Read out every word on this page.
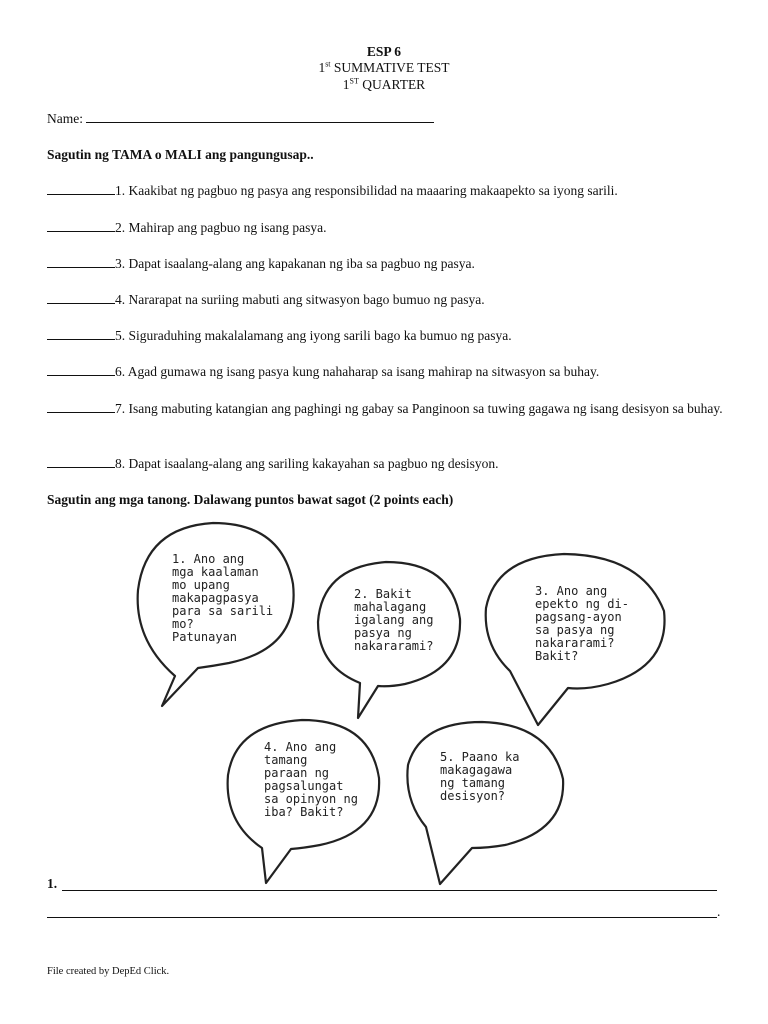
ESP 6
1st SUMMATIVE TEST
1ST QUARTER
Name:
Sagutin ng TAMA o MALI ang pangungusap..
1. Kaakibat ng pagbuo ng pasya ang responsibilidad na maaaring makaapekto sa iyong sarili.
2. Mahirap ang pagbuo ng isang pasya.
3. Dapat isaalang-alang ang kapakanan ng iba sa pagbuo ng pasya.
4. Nararapat na suriing mabuti ang sitwasyon bago bumuo ng pasya.
5. Siguraduhing makalalamang ang iyong sarili bago ka bumuo ng pasya.
6. Agad gumawa ng isang pasya kung nahaharap sa isang mahirap na sitwasyon sa buhay.
7. Isang mabuting katangian ang paghingi ng gabay sa Panginoon sa tuwing gagawa ng isang desisyon sa buhay.
8. Dapat isaalang-alang ang sariling kakayahan sa pagbuo ng desisyon.
Sagutin ang mga tanong. Dalawang puntos bawat sagot (2 points each)
1. Ano ang
mga kaalaman
mo upang
makapagpasya
para sa sarili
mo?
Patunayan
2. Bakit
mahalagang
igalang ang
pasya ng
nakararami?
3. Ano ang
epekto ng di-
pagsang-ayon
sa pasya ng
nakararami?
Bakit?
4. Ano ang
tamang
paraan ng
pagsalungat
sa opinyon ng
iba? Bakit?
5. Paano ka
makagagawa
ng tamang
desisyon?
1.
.
File created by DepEd Click.
